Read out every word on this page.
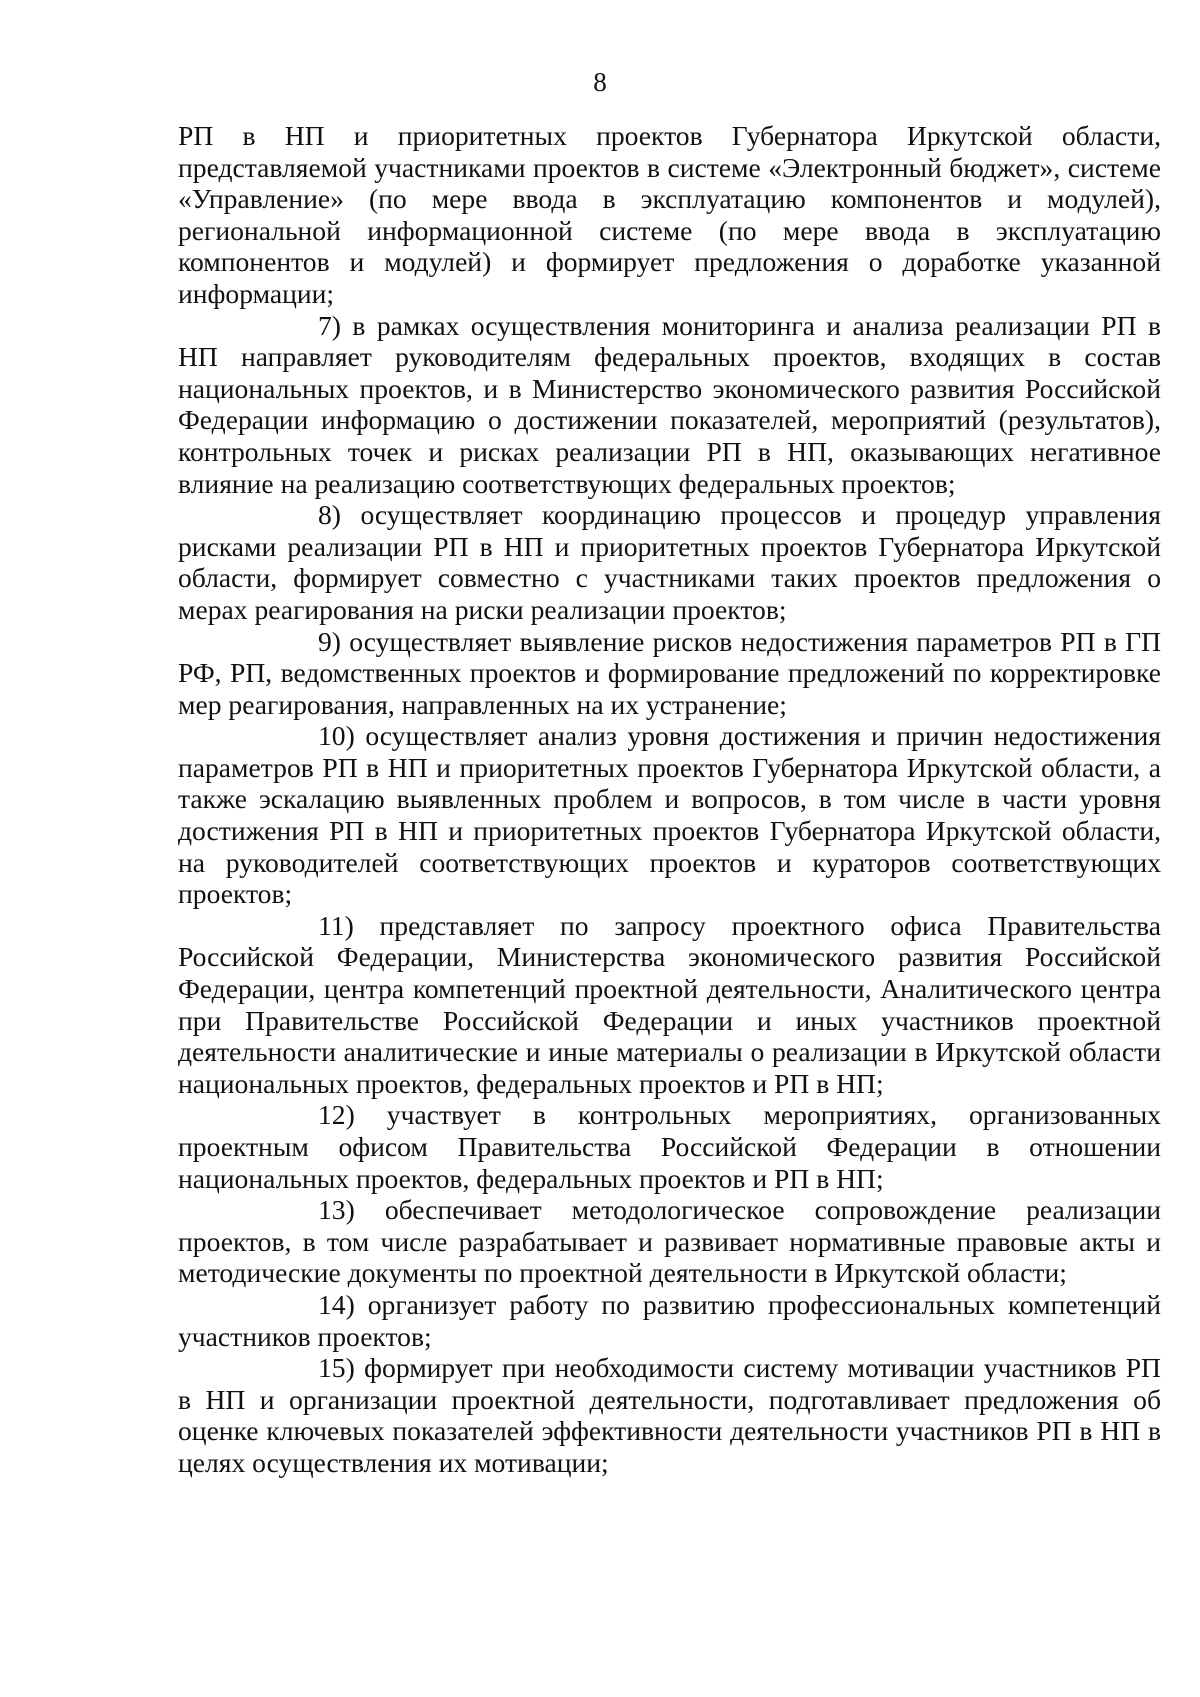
8

РП в НП и приоритетных проектов Губернатора Иркутской области, представляемой участниками проектов в системе «Электронный бюджет», системе «Управление» (по мере ввода в эксплуатацию компонентов и модулей), региональной информационной системе (по мере ввода в эксплуатацию компонентов и модулей) и формирует предложения о доработке указанной информации;

7) в рамках осуществления мониторинга и анализа реализации РП в НП направляет руководителям федеральных проектов, входящих в состав национальных проектов, и в Министерство экономического развития Российской Федерации информацию о достижении показателей, мероприятий (результатов), контрольных точек и рисках реализации РП в НП, оказывающих негативное влияние на реализацию соответствующих федеральных проектов;

8) осуществляет координацию процессов и процедур управления рисками реализации РП в НП и приоритетных проектов Губернатора Иркутской области, формирует совместно с участниками таких проектов предложения о мерах реагирования на риски реализации проектов;

9) осуществляет выявление рисков недостижения параметров РП в ГП РФ, РП, ведомственных проектов и формирование предложений по корректировке мер реагирования, направленных на их устранение;

10) осуществляет анализ уровня достижения и причин недостижения параметров РП в НП и приоритетных проектов Губернатора Иркутской области, а также эскалацию выявленных проблем и вопросов, в том числе в части уровня достижения РП в НП и приоритетных проектов Губернатора Иркутской области, на руководителей соответствующих проектов и кураторов соответствующих проектов;

11) представляет по запросу проектного офиса Правительства Российской Федерации, Министерства экономического развития Российской Федерации, центра компетенций проектной деятельности, Аналитического центра при Правительстве Российской Федерации и иных участников проектной деятельности аналитические и иные материалы о реализации в Иркутской области национальных проектов, федеральных проектов и РП в НП;

12) участвует в контрольных мероприятиях, организованных проектным офисом Правительства Российской Федерации в отношении национальных проектов, федеральных проектов и РП в НП;

13) обеспечивает методологическое сопровождение реализации проектов, в том числе разрабатывает и развивает нормативные правовые акты и методические документы по проектной деятельности в Иркутской области;

14) организует работу по развитию профессиональных компетенций участников проектов;

15) формирует при необходимости систему мотивации участников РП в НП и организации проектной деятельности, подготавливает предложения об оценке ключевых показателей эффективности деятельности участников РП в НП в целях осуществления их мотивации;
